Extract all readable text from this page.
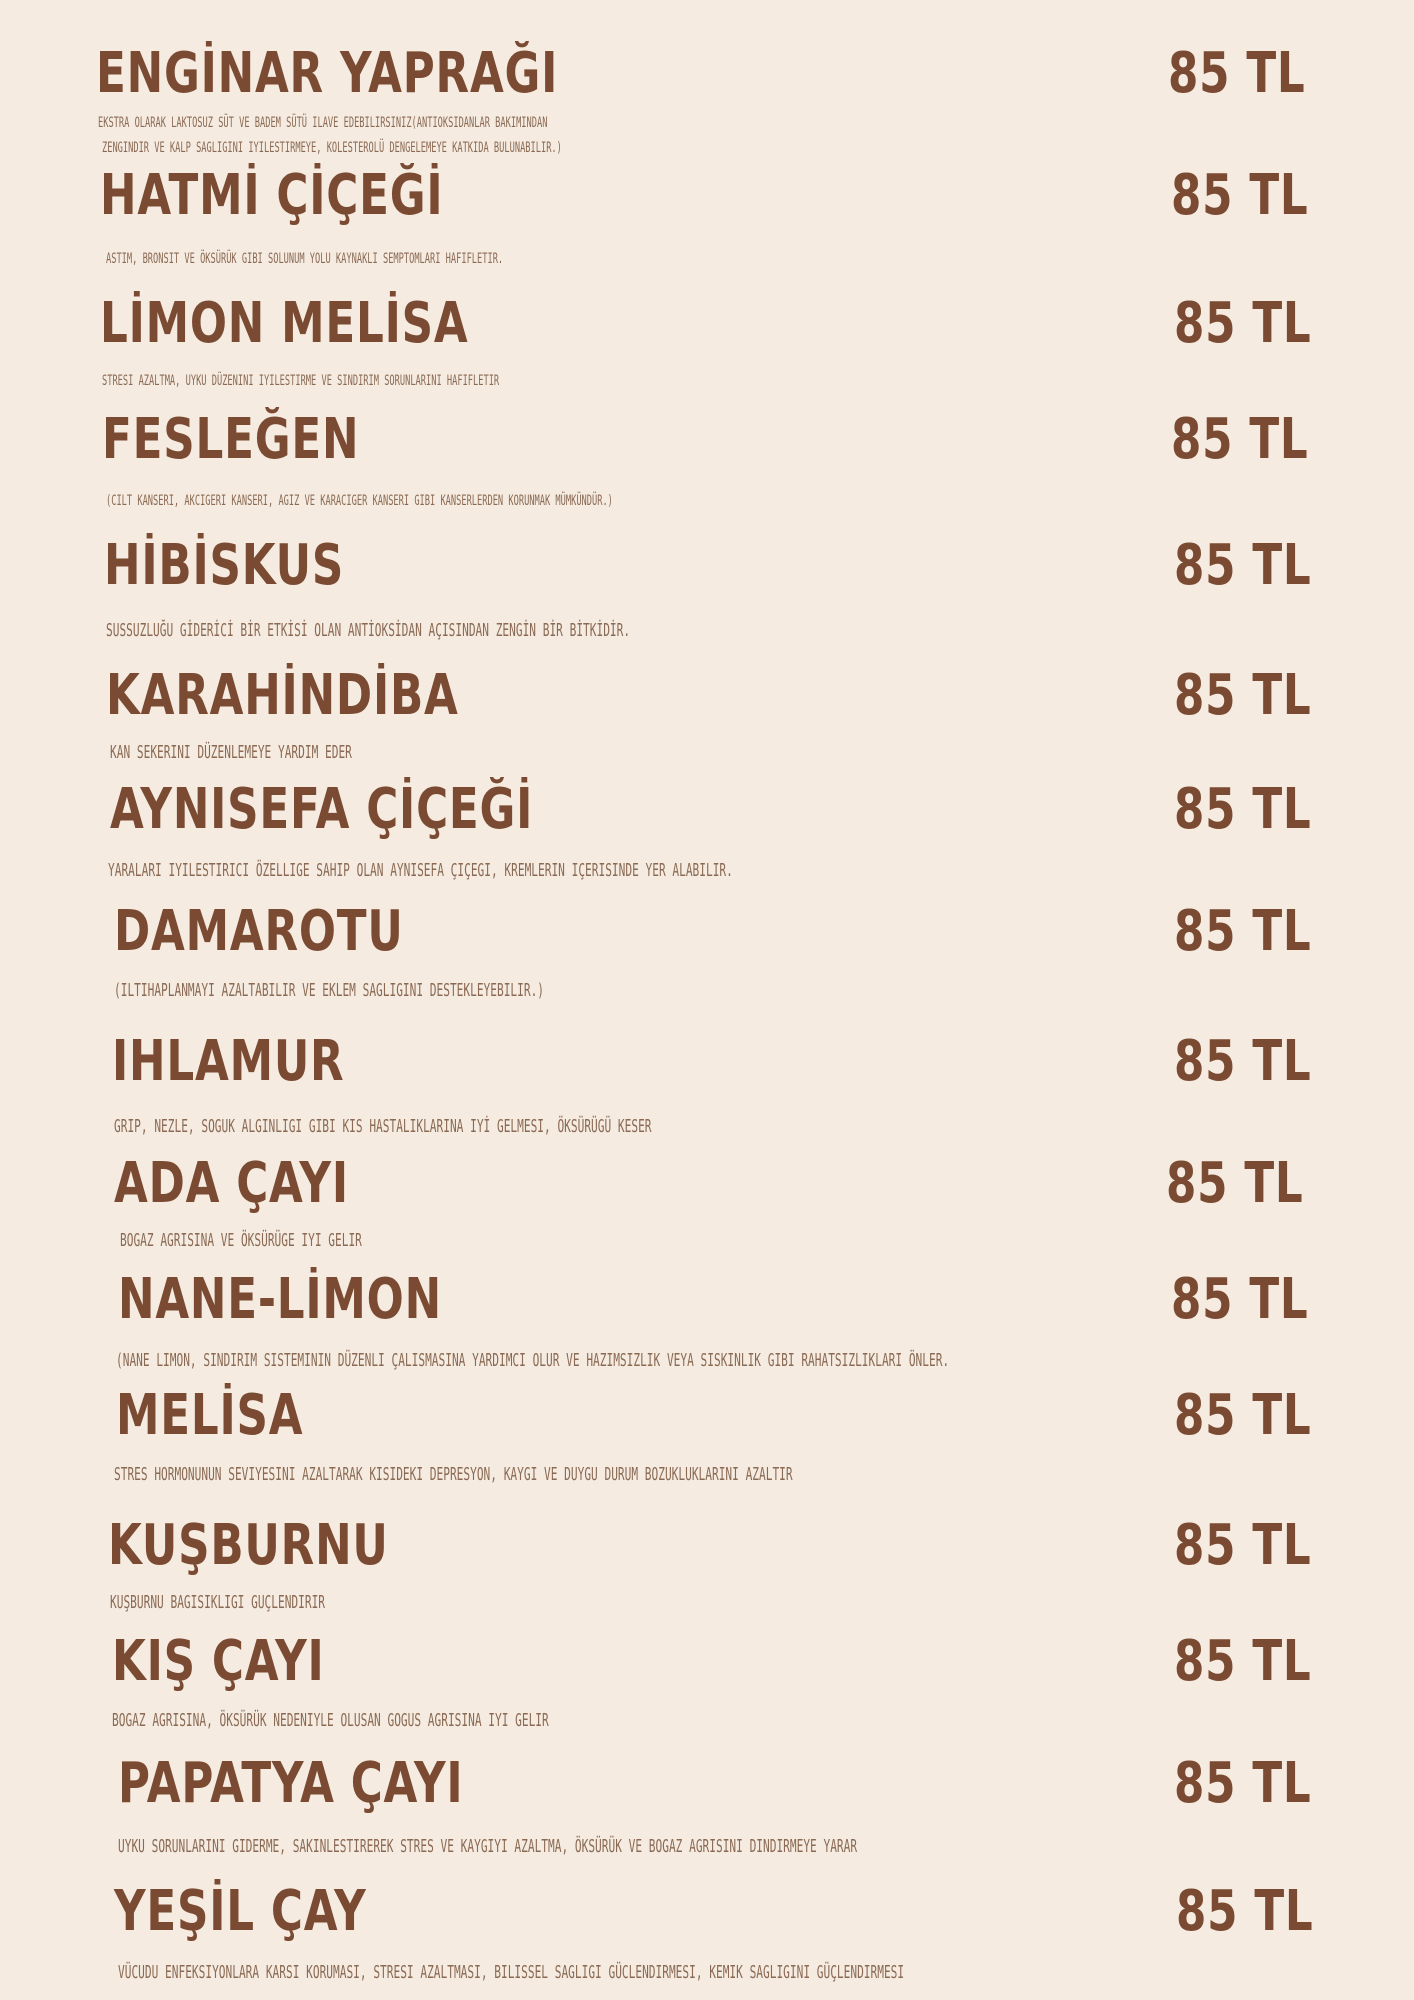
ENGİNAR YAPRAĞI	85 TL
EKSTRA OLARAK LAKTOSUZ SÜT VE BADEM SÜTÜ ILAVE EDEBILIRSINIZ(ANTIOKSIDANLAR BAKIMINDAN
ZENGINDIR VE KALP SAGLIGINI IYILESTIRMEYE, KOLESTEROLÜ DENGELEMEYE KATKIDA BULUNABILIR.)
HATMİ ÇİÇEĞİ	85 TL
ASTIM, BRONSIT VE ÖKSÜRÜK GIBI SOLUNUM YOLU KAYNAKLI SEMPTOMLARI HAFIFLETIR.
LİMON MELİSA	85 TL
STRESI AZALTMA, UYKU DÜZENINI IYILESTIRME VE SINDIRIM SORUNLARINI HAFIFLETIR
FESLEĞEN	85 TL
(CILT KANSERI, AKCIGERI KANSERI, AGIZ VE KARACIGER KANSERI GIBI KANSERLERDEN KORUNMAK MÜMKÜNDÜR.)
HİBİSKUS	85 TL
SUSSUZLUĞU GİDERİCİ BİR ETKİSİ OLAN ANTİOKSİDAN AÇISINDAN ZENGİN BİR BİTKİDİR.
KARAHİNDİBA	85 TL
KAN SEKERINI DÜZENLEMEYE YARDIM EDER
AYNISEFA ÇİÇEĞİ	85 TL
YARALARI IYILESTIRICI ÖZELLIGE SAHIP OLAN AYNISEFA ÇIÇEGI, KREMLERIN IÇERISINDE YER ALABILIR.
DAMAROTU	85 TL
(ILTIHAPLANMAYI AZALTABILIR VE EKLEM SAGLIGINI DESTEKLEYEBILIR.)
IHLAMUR	85 TL
GRIP, NEZLE, SOGUK ALGINLIGI GIBI KIS HASTALIKLARINA IYİ GELMESI, ÖKSÜRÜGÜ KESER
ADA ÇAYI	85 TL
BOGAZ AGRISINA VE ÖKSÜRÜGE IYI GELIR
NANE-LİMON	85 TL
(NANE LIMON, SINDIRIM SISTEMININ DÜZENLI ÇALISMASINA YARDIMCI OLUR VE HAZIMSIZLIK VEYA SISKINLIK GIBI RAHATSIZLIKLARI ÖNLER.
MELİSA	85 TL
STRES HORMONUNUN SEVIYESINI AZALTARAK KISIDEKI DEPRESYON, KAYGI VE DUYGU DURUM BOZUKLUKLARINI AZALTIR
KUŞBURNU	85 TL
KUŞBURNU BAGISIKLIGI GUÇLENDIRIR
KIŞ ÇAYI	85 TL
BOGAZ AGRISINA, ÖKSÜRÜK NEDENIYLE OLUSAN GOGUS AGRISINA IYI GELIR
PAPATYA ÇAYI	85 TL
UYKU SORUNLARINI GIDERME, SAKINLESTIREREK STRES VE KAYGIYI AZALTMA, ÖKSÜRÜK VE BOGAZ AGRISINI DINDIRMEYE YARAR
YEŞİL ÇAY	85 TL
VÜCUDU ENFEKSIYONLARA KARSI KORUMASI, STRESI AZALTMASI, BILISSEL SAGLIGI GÜCLENDIRMESI, KEMIK SAGLIGINI GÜÇLENDIRMESI
